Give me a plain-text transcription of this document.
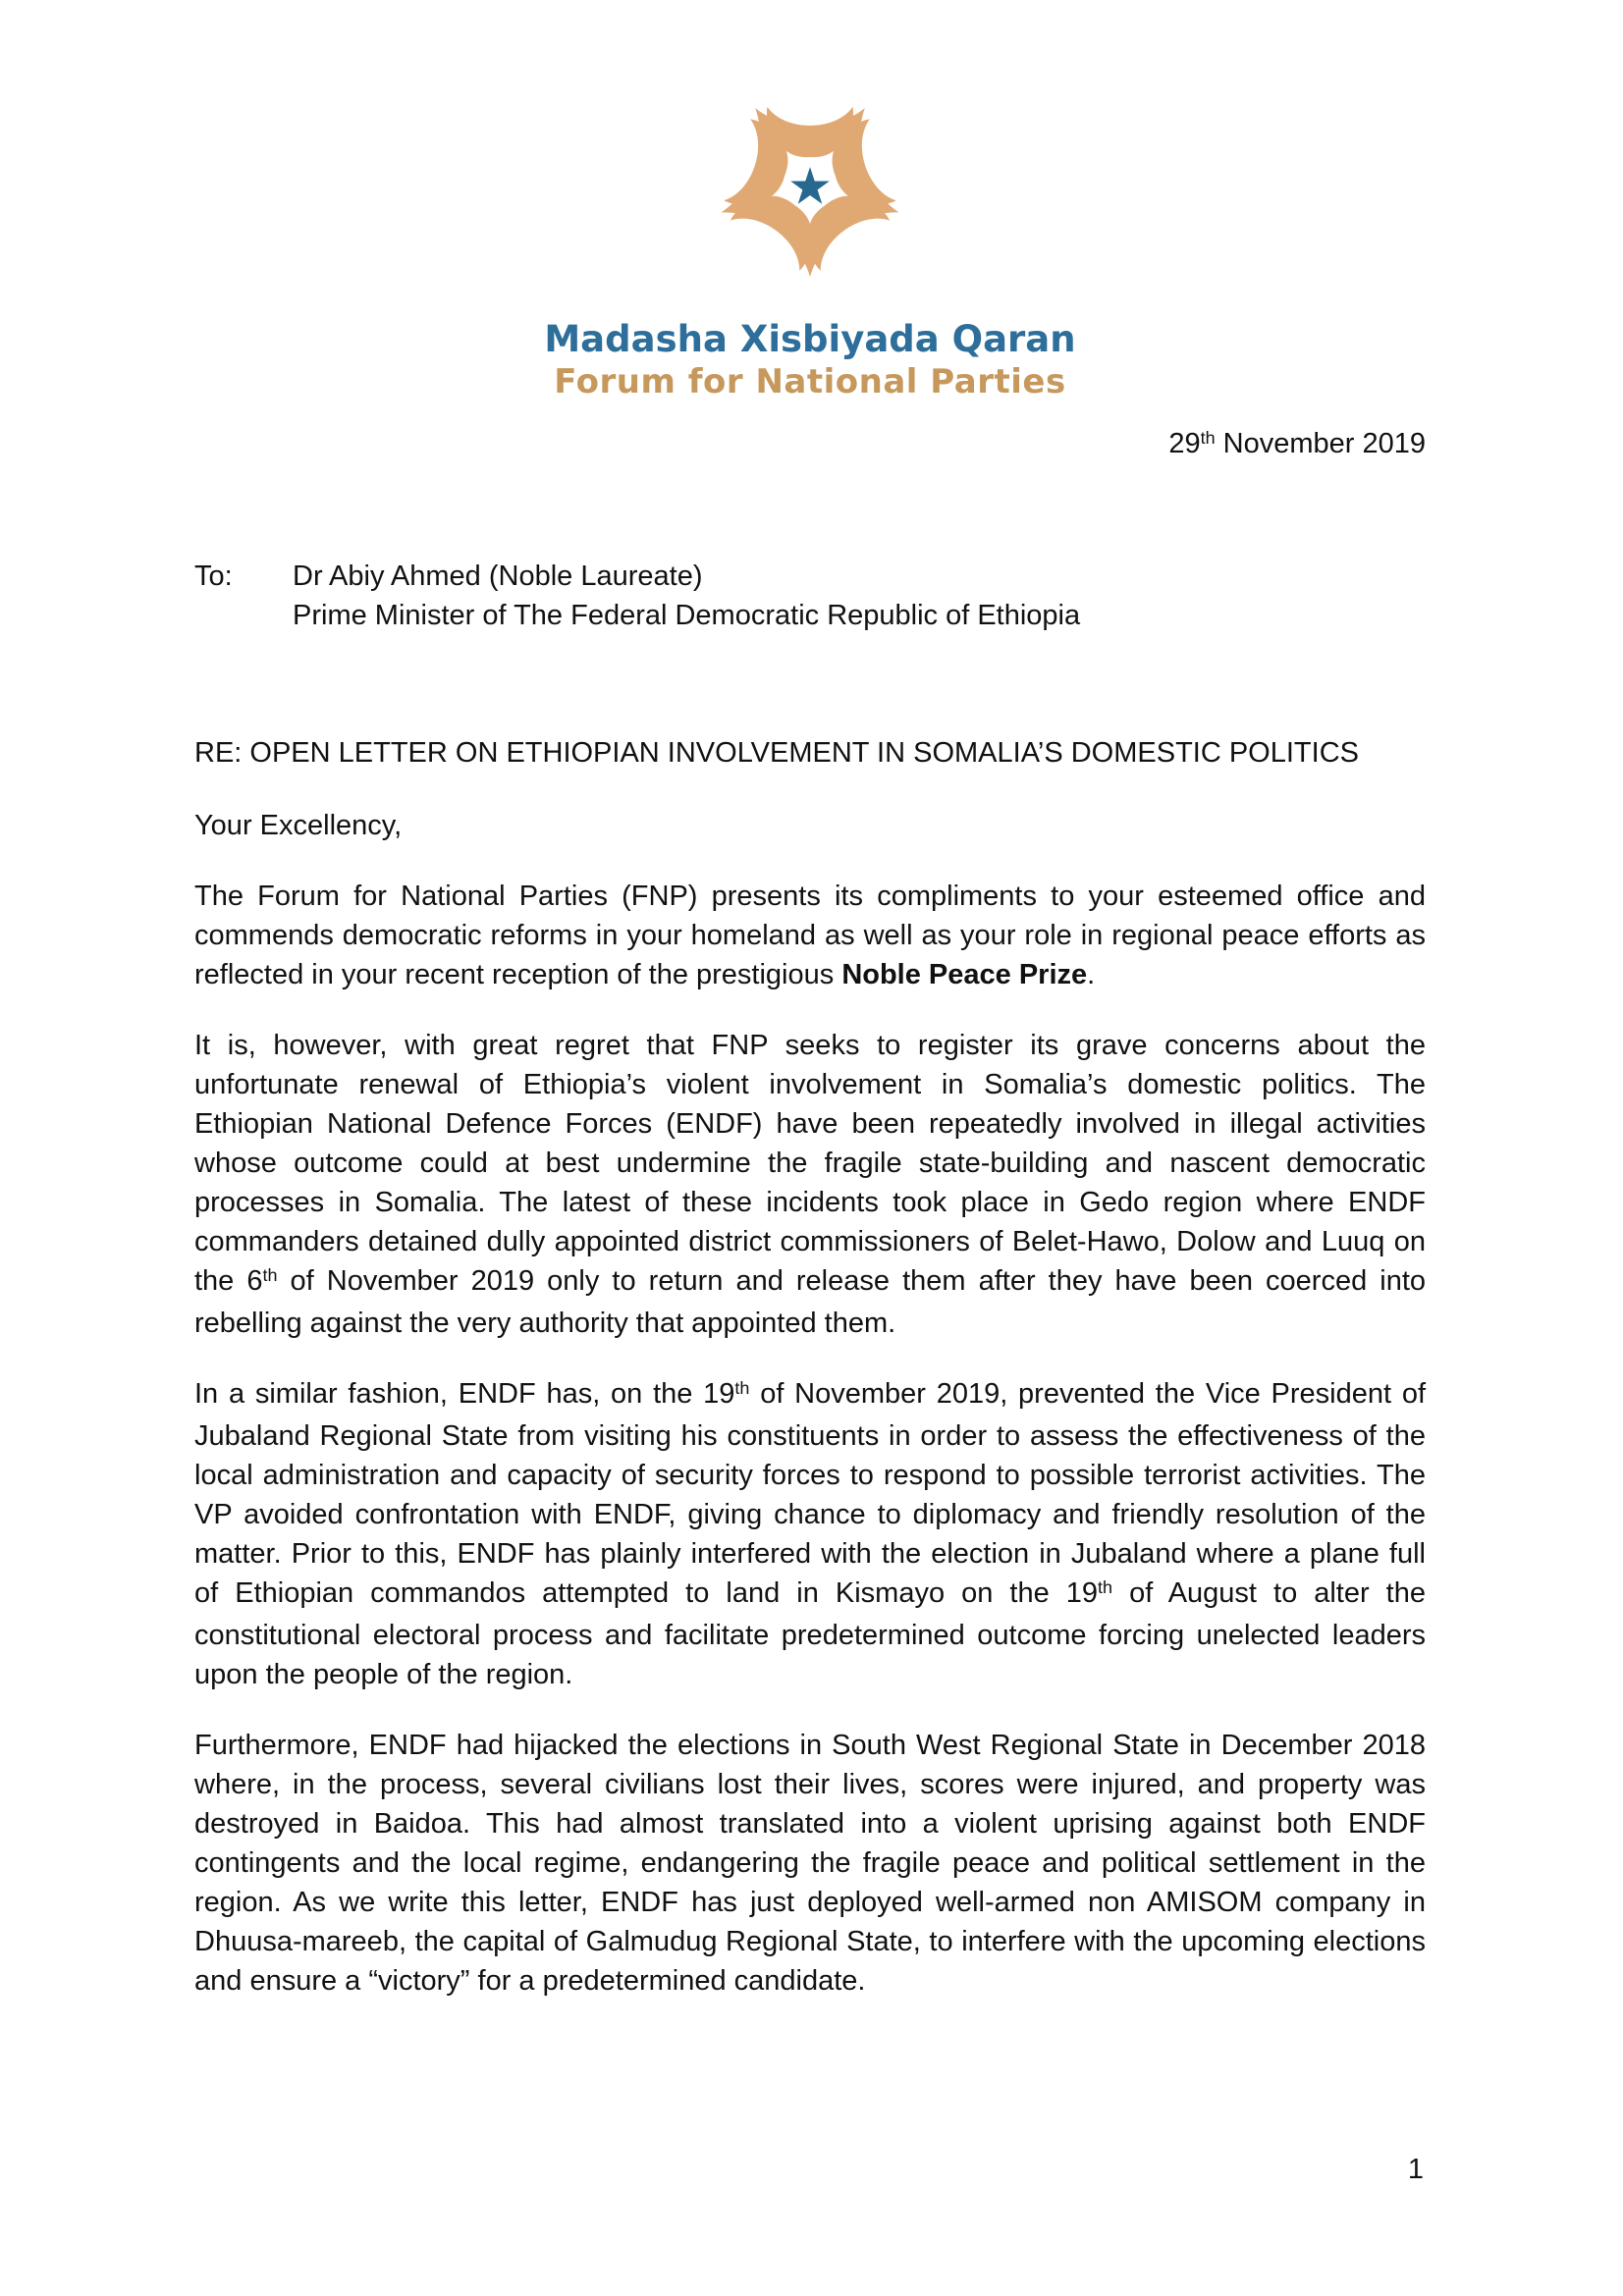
Madasha Xisbiyada Qaran
Forum for National Parties
29th November 2019
To:	Dr Abiy Ahmed (Noble Laureate)
Prime Minister of The Federal Democratic Republic of Ethiopia
RE: OPEN LETTER ON ETHIOPIAN INVOLVEMENT IN SOMALIA’S DOMESTIC POLITICS
Your Excellency,

The Forum for National Parties (FNP) presents its compliments to your esteemed office and commends democratic reforms in your homeland as well as your role in regional peace efforts as reflected in your recent reception of the prestigious Noble Peace Prize.

It is, however, with great regret that FNP seeks to register its grave concerns about the unfortunate renewal of Ethiopia’s violent involvement in Somalia’s domestic politics. The Ethiopian National Defence Forces (ENDF) have been repeatedly involved in illegal activities whose outcome could at best undermine the fragile state-building and nascent democratic processes in Somalia. The latest of these incidents took place in Gedo region where ENDF commanders detained dully appointed district commissioners of Belet-Hawo, Dolow and Luuq on the 6th of November 2019 only to return and release them after they have been coerced into rebelling against the very authority that appointed them.

In a similar fashion, ENDF has, on the 19th of November 2019, prevented the Vice President of Jubaland Regional State from visiting his constituents in order to assess the effectiveness of the local administration and capacity of security forces to respond to possible terrorist activities. The VP avoided confrontation with ENDF, giving chance to diplomacy and friendly resolution of the matter. Prior to this, ENDF has plainly interfered with the election in Jubaland where a plane full of Ethiopian commandos attempted to land in Kismayo on the 19th of August to alter the constitutional electoral process and facilitate predetermined outcome forcing unelected leaders upon the people of the region.

Furthermore, ENDF had hijacked the elections in South West Regional State in December 2018 where, in the process, several civilians lost their lives, scores were injured, and property was destroyed in Baidoa. This had almost translated into a violent uprising against both ENDF contingents and the local regime, endangering the fragile peace and political settlement in the region. As we write this letter, ENDF has just deployed well-armed non AMISOM company in Dhuusa-mareeb, the capital of Galmudug Regional State, to interfere with the upcoming elections and ensure a “victory” for a predetermined candidate.

1
